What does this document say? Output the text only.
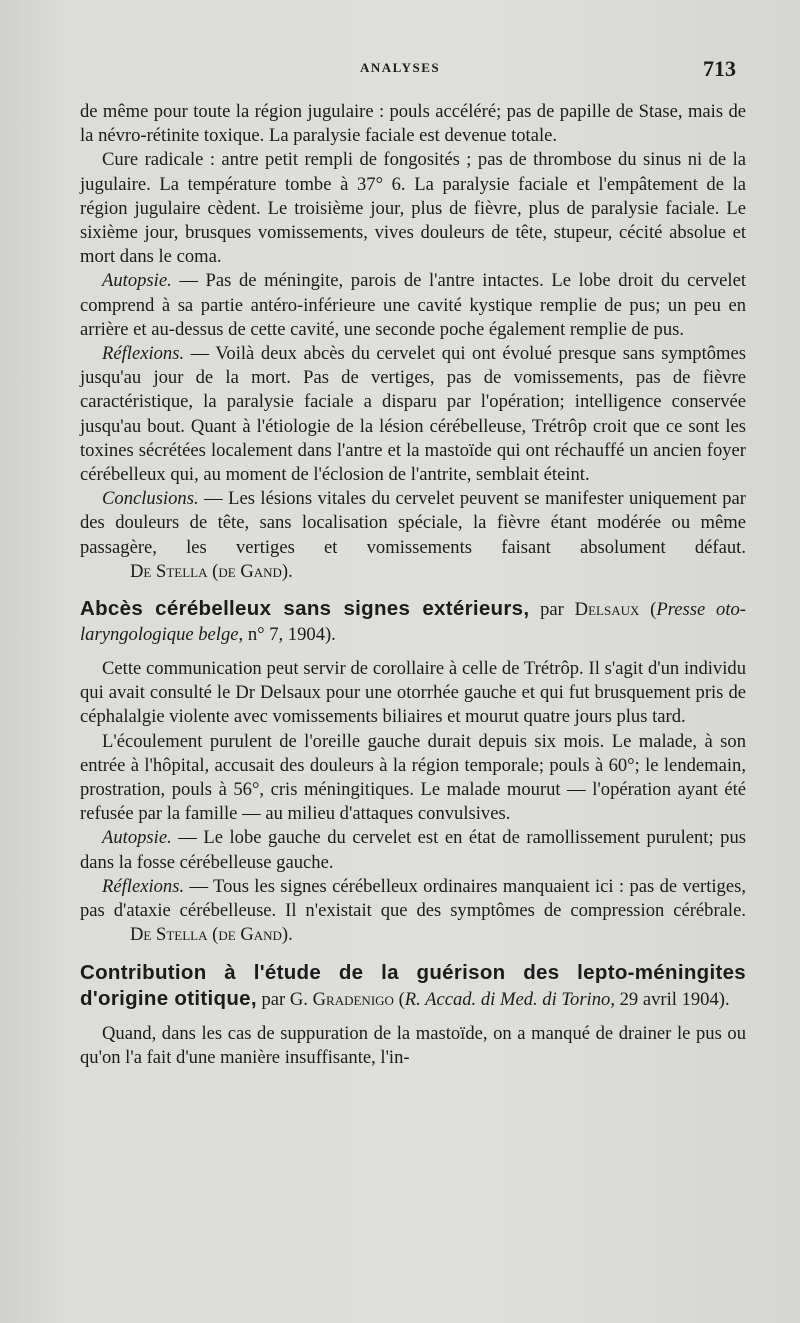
ANALYSES	713

de même pour toute la région jugulaire : pouls accéléré; pas de papille de Stase, mais de la névro-rétinite toxique. La paralysie faciale est devenue totale.

Cure radicale : antre petit rempli de fongosités ; pas de thrombose du sinus ni de la jugulaire. La température tombe à 37° 6. La paralysie faciale et l'empâtement de la région jugulaire cèdent. Le troisième jour, plus de fièvre, plus de paralysie faciale. Le sixième jour, brusques vomissements, vives douleurs de tête, stupeur, cécité absolue et mort dans le coma.

Autopsie. — Pas de méningite, parois de l'antre intactes. Le lobe droit du cervelet comprend à sa partie antéro-inférieure une cavité kystique remplie de pus; un peu en arrière et au-dessus de cette cavité, une seconde poche également remplie de pus.

Réflexions. — Voilà deux abcès du cervelet qui ont évolué presque sans symptômes jusqu'au jour de la mort. Pas de vertiges, pas de vomissements, pas de fièvre caractéristique, la paralysie faciale a disparu par l'opération; intelligence conservée jusqu'au bout. Quant à l'étiologie de la lésion cérébelleuse, Trétrôp croit que ce sont les toxines sécrétées localement dans l'antre et la mastoïde qui ont réchauffé un ancien foyer cérébelleux qui, au moment de l'éclosion de l'antrite, semblait éteint.

Conclusions. — Les lésions vitales du cervelet peuvent se manifester uniquement par des douleurs de tête, sans localisation spéciale, la fièvre étant modérée ou même passagère, les vertiges et vomissements faisant absolument défaut.De Stella (de Gand).

Abcès cérébelleux sans signes extérieurs, par Delsaux (Presse oto-laryngologique belge, n° 7, 1904).

Cette communication peut servir de corollaire à celle de Trétrôp. Il s'agit d'un individu qui avait consulté le Dr Delsaux pour une otorrhée gauche et qui fut brusquement pris de céphalalgie violente avec vomissements biliaires et mourut quatre jours plus tard.

L'écoulement purulent de l'oreille gauche durait depuis six mois. Le malade, à son entrée à l'hôpital, accusait des douleurs à la région temporale; pouls à 60°; le lendemain, prostration, pouls à 56°, cris méningitiques. Le malade mourut — l'opération ayant été refusée par la famille — au milieu d'attaques convulsives.

Autopsie. — Le lobe gauche du cervelet est en état de ramollissement purulent; pus dans la fosse cérébelleuse gauche.

Réflexions. — Tous les signes cérébelleux ordinaires manquaient ici : pas de vertiges, pas d'ataxie cérébelleuse. Il n'existait que des symptômes de compression cérébrale.De Stella (de Gand).

Contribution à l'étude de la guérison des lepto-méningites d'origine otitique, par G. Gradenigo (R. Accad. di Med. di Torino, 29 avril 1904).

Quand, dans les cas de suppuration de la mastoïde, on a manqué de drainer le pus ou qu'on l'a fait d'une manière insuffisante, l'in-
